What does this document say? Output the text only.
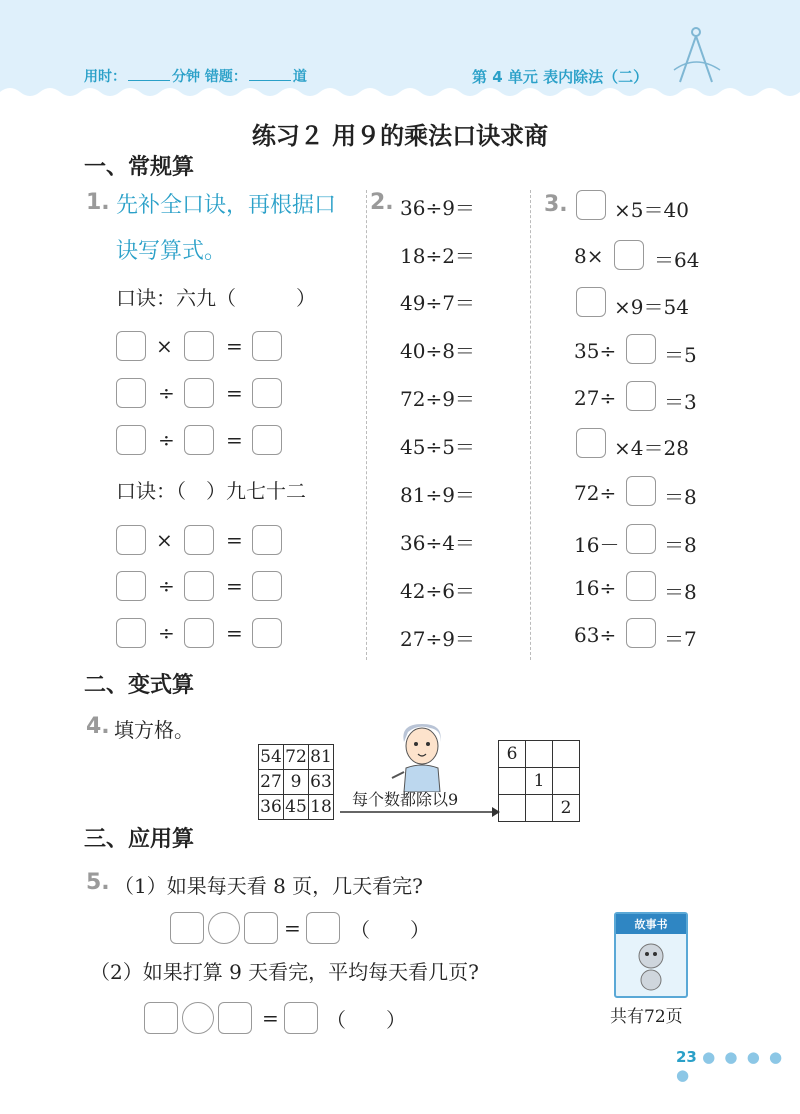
用时：	分钟 错题：	道	第 4 单元 表内除法（二）
练习２ 用９的乘法口诀求商
一、常规算
1. 先补全口诀，再根据口
诀写算式。
口诀：六九（　　　）
×	=
÷	=
÷	=
口诀：（　）九七十二
×	=
÷	=
÷	=
2. 36÷9＝
18÷2＝
49÷7＝
40÷8＝
72÷9＝
45÷5＝
81÷9＝
36÷4＝
42÷6＝
27÷9＝
3. ×5＝40
8×	＝64
×9＝54
35÷ ＝5
27÷ ＝3
×4＝28
72÷ ＝8
16－ ＝8
16÷ ＝8
63÷ ＝7
二、变式算
4. 填方格。
54	72	81
27	9	63
36	45	18 每个数都除以9
6		
	1	
		2
三、应用算
5. （1）如果每天看 8 页，几天看完?
= （　　）
（2）如果打算 9 天看完，平均每天看几页?
= （　　）
故事书
共有72页
23 ● ● ● ● ●
